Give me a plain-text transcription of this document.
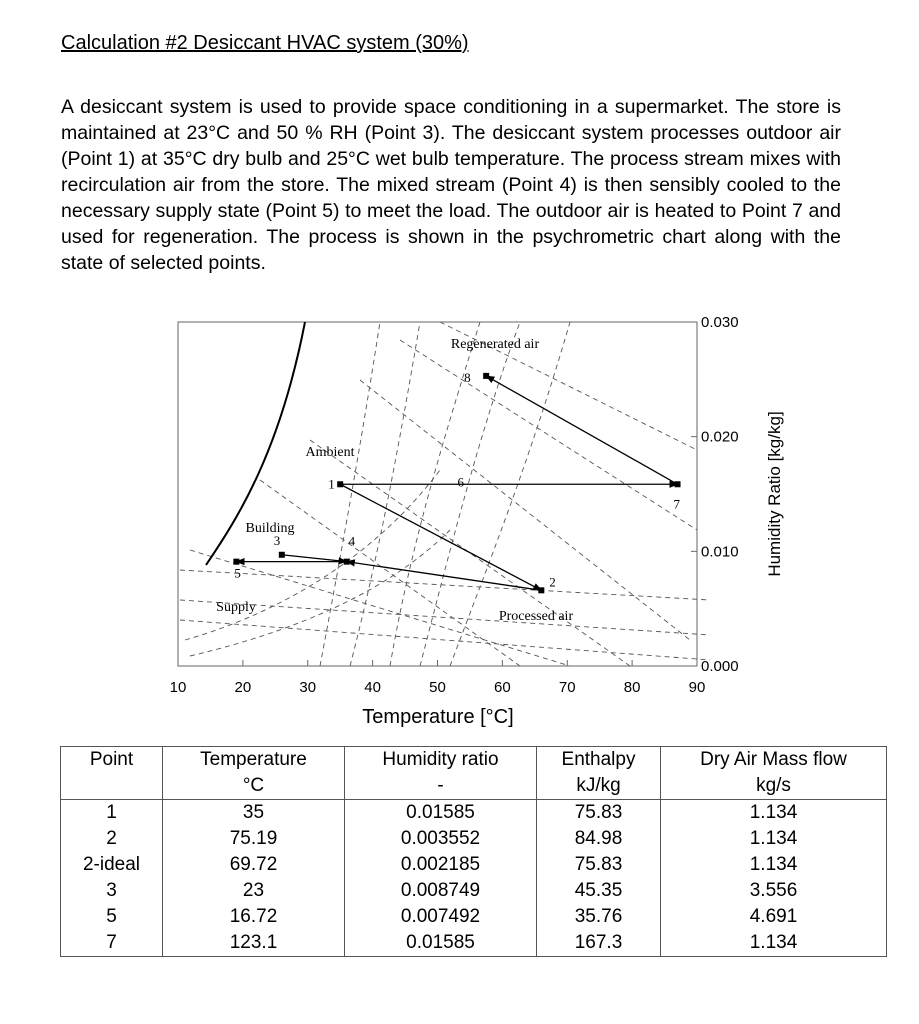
Calculation #2 Desiccant HVAC system (30%)

A desiccant system is used to provide space conditioning in a supermarket. The store is maintained at 23°C and 50 % RH (Point 3). The desiccant system processes outdoor air (Point 1) at 35°C dry bulb and 25°C wet bulb temperature. The process stream mixes with recirculation air from the store. The mixed stream (Point 4) is then sensibly cooled to the necessary supply state (Point 5) to meet the load. The outdoor air is heated to Point 7 and used for regeneration. The process is shown in the psychrometric chart along with the state of selected points.

1
2
3	4
5
6
7
8
10	20	30	40	50	60	70	80	90
0.000
0.010
0.020
0.030
Regenerated air
Ambient
Building
Supply
Processed air
Temperature [°C]
Humidity Ratio [kg/kg]
Point	Temperature	Humidity ratio	Enthalpy	Dry Air Mass flow
	°C	-	kJ/kg	kg/s
1	35	0.01585	75.83	1.134
2	75.19	0.003552	84.98	1.134
2-ideal	69.72	0.002185	75.83	1.134
3	23	0.008749	45.35	3.556
5	16.72	0.007492	35.76	4.691
7	123.1	0.01585	167.3	1.134
